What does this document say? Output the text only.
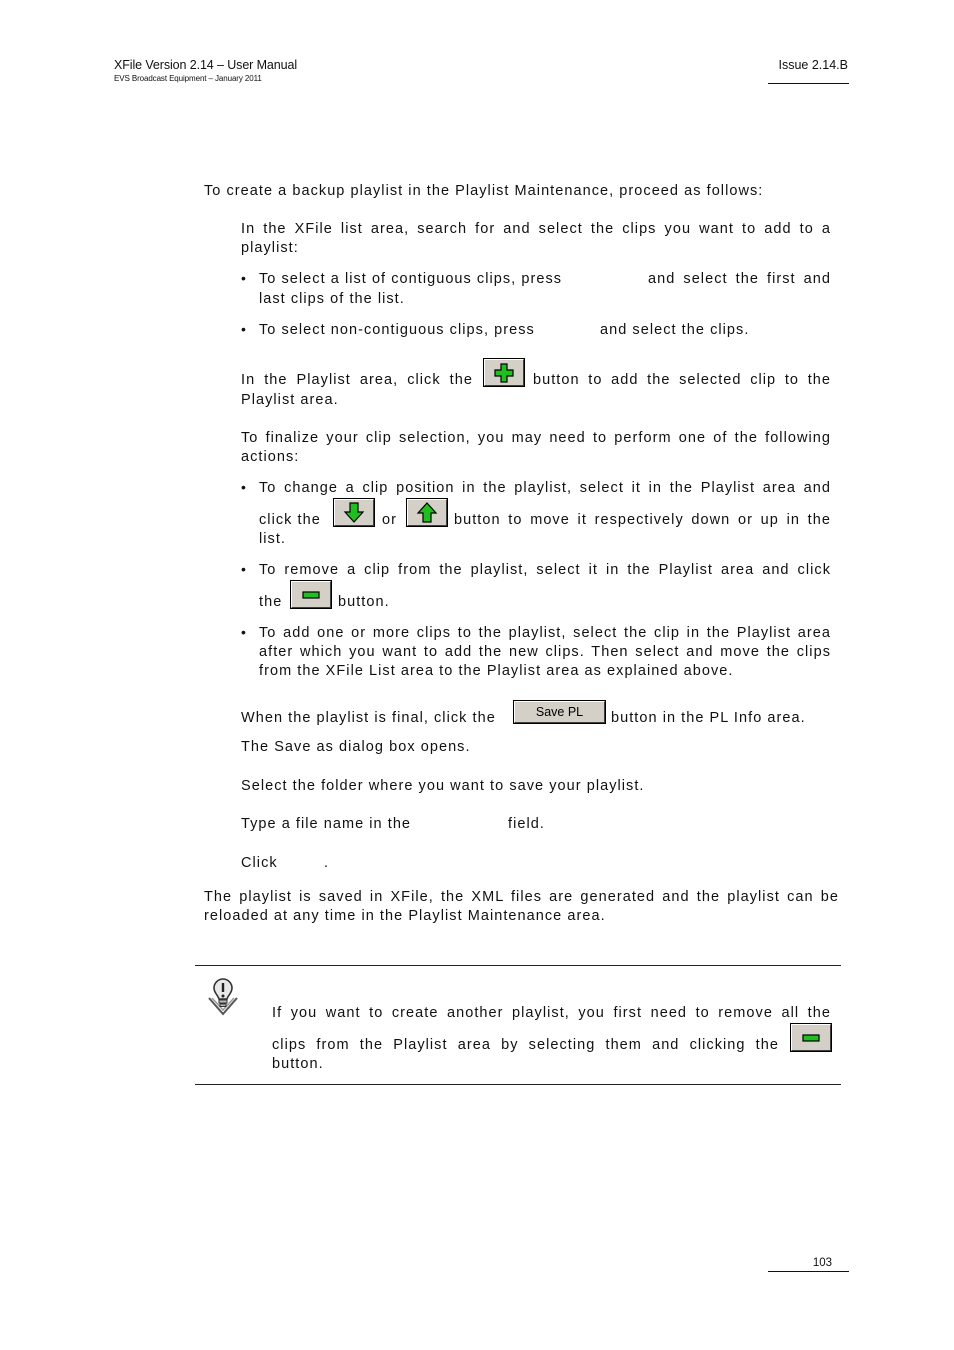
XFile Version 2.14 – User Manual
EVS Broadcast Equipment – January 2011
Issue 2.14.B
To create a backup playlist in the Playlist Maintenance, proceed as follows:
In the XFile list area, search for and select the clips you want to add to a
playlist:
• To select a list of contiguous clips, press	and select the first and
last clips of the list.
• To select non-contiguous clips, press	and select the clips.
In the Playlist area, click the	button to add the selected clip to the
Playlist area.
To finalize your clip selection, you may need to perform one of the following
actions:
• To change a clip position in the playlist, select it in the Playlist area and
click the	or	button to move it respectively down or up in the
list.
• To remove a clip from the playlist, select it in the Playlist area and click
the	button.
• To add one or more clips to the playlist, select the clip in the Playlist area
after which you want to add the new clips. Then select and move the clips
from the XFile List area to the Playlist area as explained above.
When the playlist is final, click the	Save PL	button in the PL Info area.
The Save as dialog box opens.
Select the folder where you want to save your playlist.
Type a file name in the	field.
Click	.
The playlist is saved in XFile, the XML files are generated and the playlist can be
reloaded at any time in the Playlist Maintenance area.
If you want to create another playlist, you first need to remove all the
clips from the Playlist area by selecting them and clicking the
button.
103
